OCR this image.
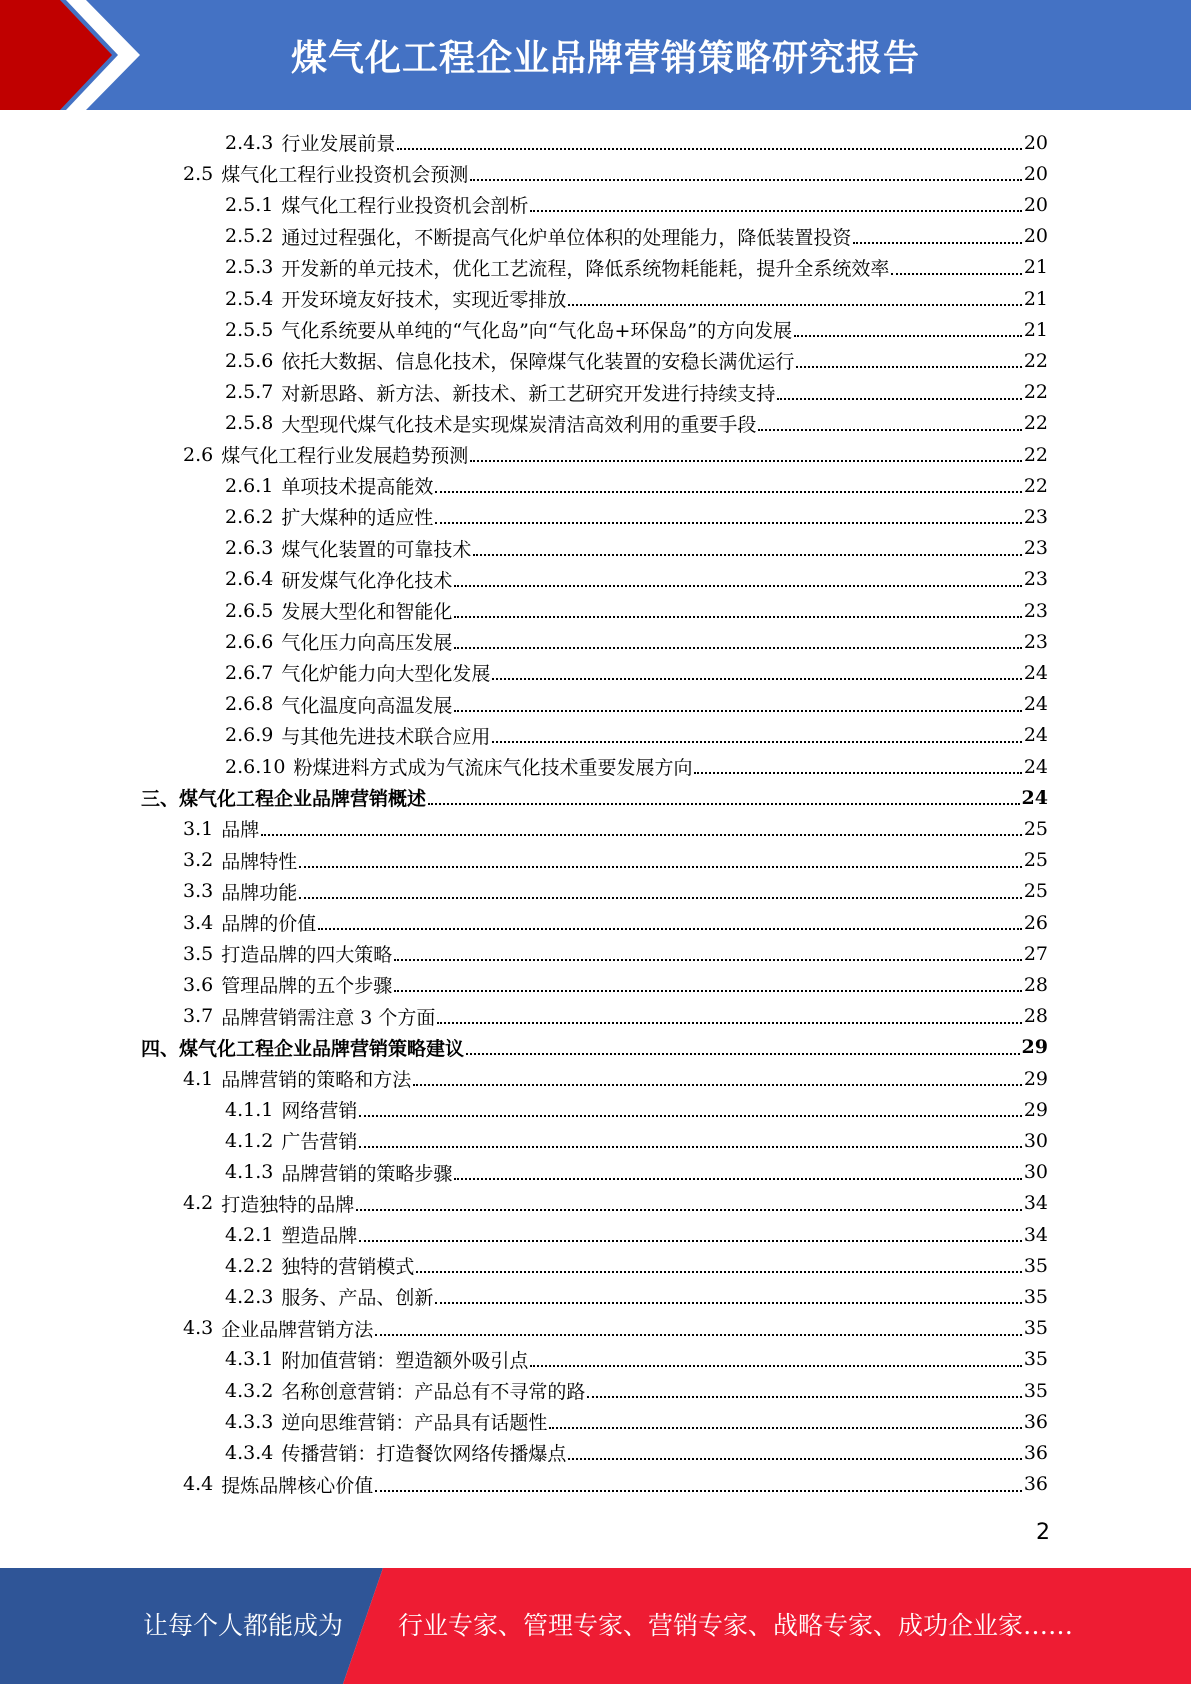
煤气化工程企业品牌营销策略研究报告
2.4.3 行业发展前景	20
2.5 煤气化工程行业投资机会预测	20
2.5.1 煤气化工程行业投资机会剖析	20
2.5.2 通过过程强化，不断提高气化炉单位体积的处理能力，降低装置投资	20
2.5.3 开发新的单元技术，优化工艺流程，降低系统物耗能耗，提升全系统效率	21
2.5.4 开发环境友好技术，实现近零排放	21
2.5.5 气化系统要从单纯的“气化岛”向“气化岛+环保岛”的方向发展	21
2.5.6 依托大数据、信息化技术，保障煤气化装置的安稳长满优运行	22
2.5.7 对新思路、新方法、新技术、新工艺研究开发进行持续支持	22
2.5.8 大型现代煤气化技术是实现煤炭清洁高效利用的重要手段	22
2.6 煤气化工程行业发展趋势预测	22
2.6.1 单项技术提高能效	22
2.6.2 扩大煤种的适应性	23
2.6.3 煤气化装置的可靠技术	23
2.6.4 研发煤气化净化技术	23
2.6.5 发展大型化和智能化	23
2.6.6 气化压力向高压发展	23
2.6.7 气化炉能力向大型化发展	24
2.6.8 气化温度向高温发展	24
2.6.9 与其他先进技术联合应用	24
2.6.10 粉煤进料方式成为气流床气化技术重要发展方向	24
三、 煤气化工程企业品牌营销概述	24
3.1 品牌	25
3.2 品牌特性	25
3.3 品牌功能	25
3.4 品牌的价值	26
3.5 打造品牌的四大策略	27
3.6 管理品牌的五个步骤	28
3.7 品牌营销需注意 3 个方面	28
四、 煤气化工程企业品牌营销策略建议	29
4.1 品牌营销的策略和方法	29
4.1.1 网络营销	29
4.1.2 广告营销	30
4.1.3 品牌营销的策略步骤	30
4.2 打造独特的品牌	34
4.2.1 塑造品牌	34
4.2.2 独特的营销模式	35
4.2.3 服务、产品、创新	35
4.3 企业品牌营销方法	35
4.3.1 附加值营销：塑造额外吸引点	35
4.3.2 名称创意营销：产品总有不寻常的路	35
4.3.3 逆向思维营销：产品具有话题性	36
4.3.4 传播营销：打造餐饮网络传播爆点	36
4.4 提炼品牌核心价值	36
2
让每个人都能成为 行业专家、管理专家、营销专家、战略专家、成功企业家……
